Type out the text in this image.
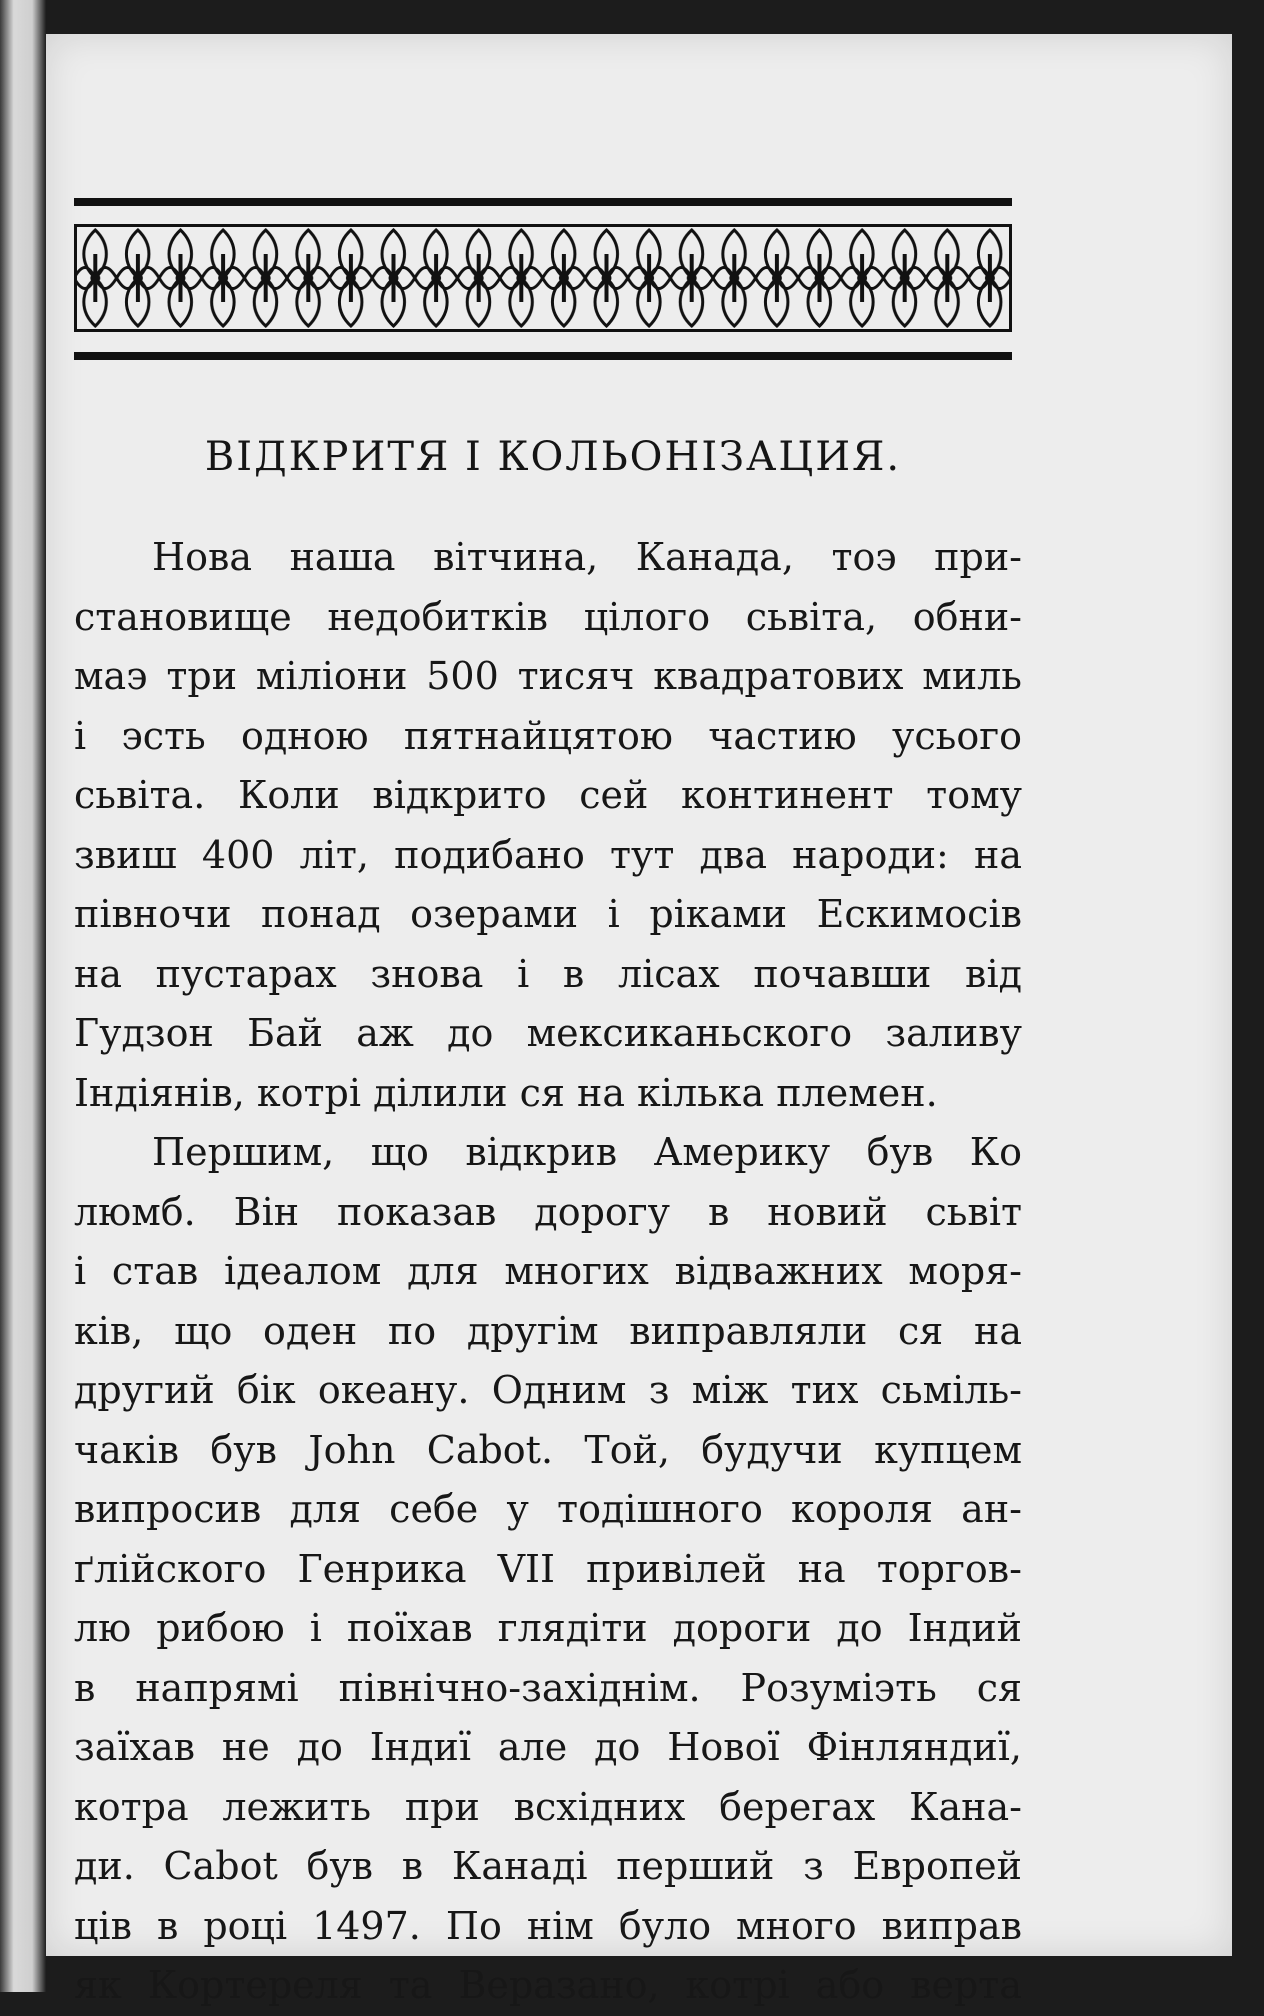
ВІДКРИТЯ І КОЛЬОНІЗАЦИЯ.
Нова наша вітчина, Канада, тоэ при-
становище недобитків цілого сьвіта, обни-
маэ три міліони 500 тисяч квадратових миль
і эсть одною пятнайцятою частию усього
сьвіта. Коли відкрито сей континент тому
звиш 400 літ, подибано тут два народи: на
півночи понад озерами і ріками Ескимосів
на пустарах знова і в лісах почавши від
Гудзон Бай аж до мексиканьского заливу
Індіянів, котрі ділили ся на кілька племен.
Першим, що відкрив Америку був Ко
люмб. Він показав дорогу в новий сьвіт
і став ідеалом для многих відважних моря-
ків, що оден по другім виправляли ся на
другий бік океану. Одним з між тих сьміль-
чаків був John Cabot. Той, будучи купцем
випросив для себе у тодішного короля ан-
ґлійского Генрика VII привілей на торгов-
лю рибою і поїхав глядіти дороги до Індий
в напрямі північно-західнім. Розуміэть ся
заїхав не до Індиї але до Нової Фінляндиї,
котра лежить при всхідних берегах Кана-
ди. Cabot був в Канаді перший з Европей
ців в році 1497. По нім було много виправ
як Кортереля та Веразано, котрі або верта
